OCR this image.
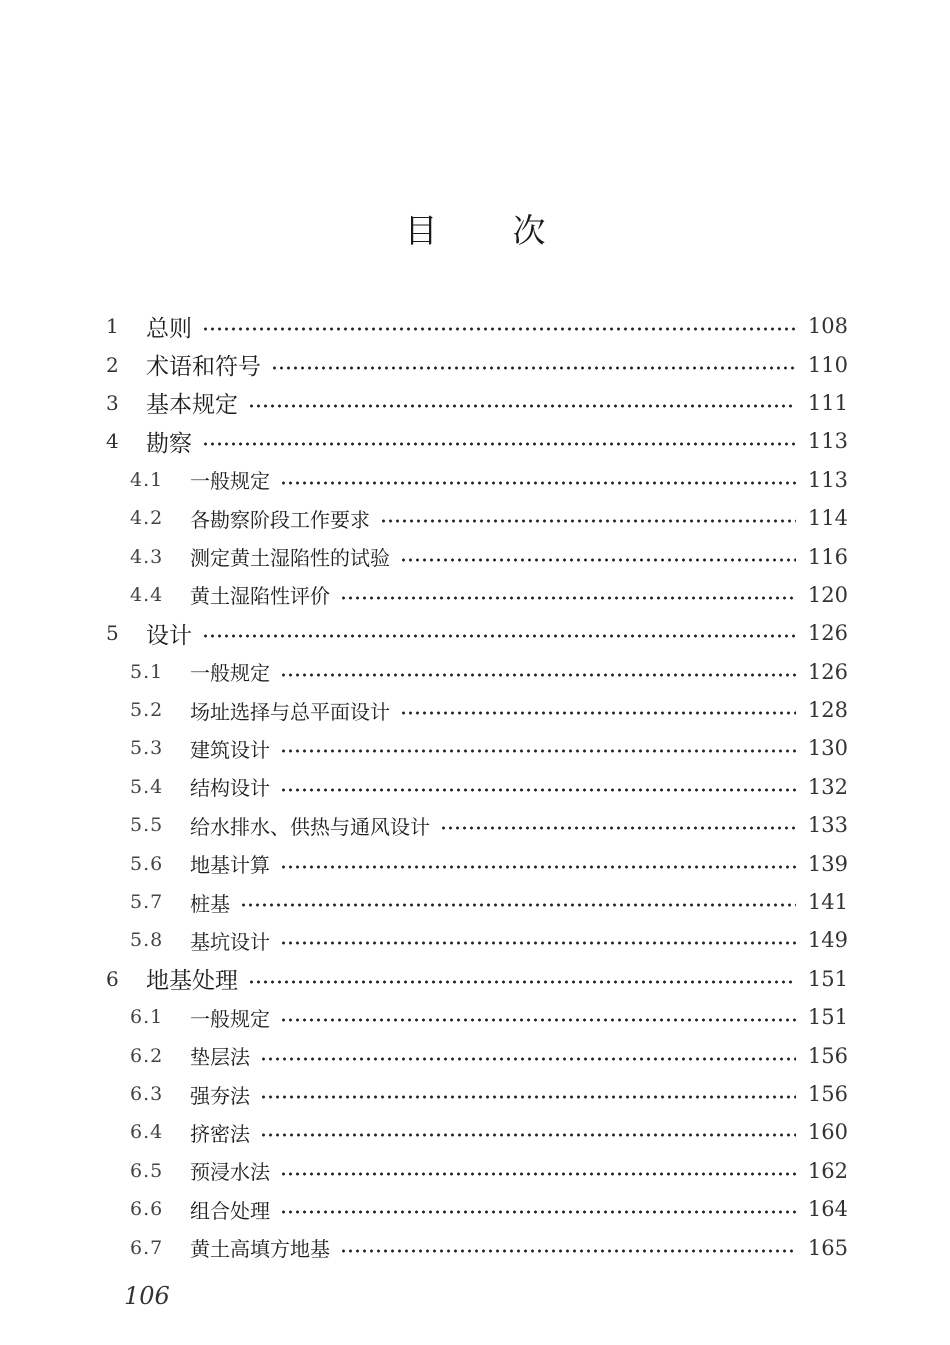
目 次
1	总则	108
2	术语和符号	110
3	基本规定	111
4	勘察	113
4.1	一般规定	113
4.2	各勘察阶段工作要求	114
4.3	测定黄土湿陷性的试验	116
4.4	黄土湿陷性评价	120
5	设计	126
5.1	一般规定	126
5.2	场址选择与总平面设计	128
5.3	建筑设计	130
5.4	结构设计	132
5.5	给水排水、供热与通风设计	133
5.6	地基计算	139
5.7	桩基	141
5.8	基坑设计	149
6	地基处理	151
6.1	一般规定	151
6.2	垫层法	156
6.3	强夯法	156
6.4	挤密法	160
6.5	预浸水法	162
6.6	组合处理	164
6.7	黄土高填方地基	165
106
